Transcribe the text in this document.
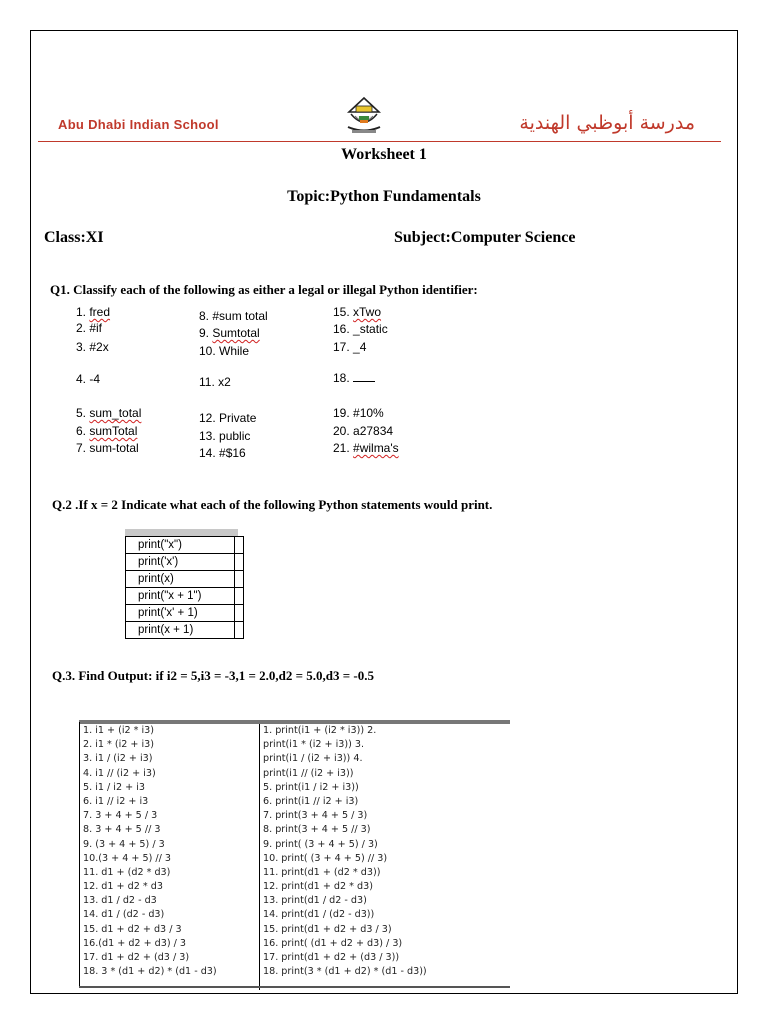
Abu Dhabi Indian School	مدرسة أبوظبي الهندية
Worksheet 1
Topic:Python Fundamentals
Class:XI	Subject:Computer Science
Q1. Classify each of the following as either a legal or illegal Python identifier:
1. fred
2. #if
3. #2x
4. -4
5. sum_total
6. sumTotal
7. sum-total
8. #sum total
9. Sumtotal
10. While
11. x2
12. Private
13. public
14. #$16
15. xTwo
16. _static
17. _4
18.
19. #10%
20. a27834
21. #wilma's
Q.2 .If x = 2 Indicate what each of the following Python statements would print.
print("x")	
print('x')	
print(x)	
print("x + 1")	
print('x' + 1)	
print(x + 1)	
Q.3. Find Output: if i2 = 5,i3 = -3,1 = 2.0,d2 = 5.0,d3 = -0.5
1. i1 + (i2 * i3)
2. i1 * (i2 + i3)
3. i1 / (i2 + i3)
4. i1 // (i2 + i3)
5. i1 / i2 + i3
6. i1 // i2 + i3
7. 3 + 4 + 5 / 3
8. 3 + 4 + 5 // 3
9. (3 + 4 + 5) / 3
10.(3 + 4 + 5) // 3
11. d1 + (d2 * d3)
12. d1 + d2 * d3
13. d1 / d2 - d3
14. d1 / (d2 - d3)
15. d1 + d2 + d3 / 3
16.(d1 + d2 + d3) / 3
17. d1 + d2 + (d3 / 3)
18. 3 * (d1 + d2) * (d1 - d3)
1. print(i1 + (i2 * i3)) 2.
print(i1 * (i2 + i3)) 3.
print(i1 / (i2 + i3)) 4.
print(i1 // (i2 + i3))
5. print(i1 / i2 + i3))
6. print(i1 // i2 + i3)
7. print(3 + 4 + 5 / 3)
8. print(3 + 4 + 5 // 3)
9. print( (3 + 4 + 5) / 3)
10. print( (3 + 4 + 5) // 3)
11. print(d1 + (d2 * d3))
12. print(d1 + d2 * d3)
13. print(d1 / d2 - d3)
14. print(d1 / (d2 - d3))
15. print(d1 + d2 + d3 / 3)
16. print( (d1 + d2 + d3) / 3)
17. print(d1 + d2 + (d3 / 3))
18. print(3 * (d1 + d2) * (d1 - d3))
